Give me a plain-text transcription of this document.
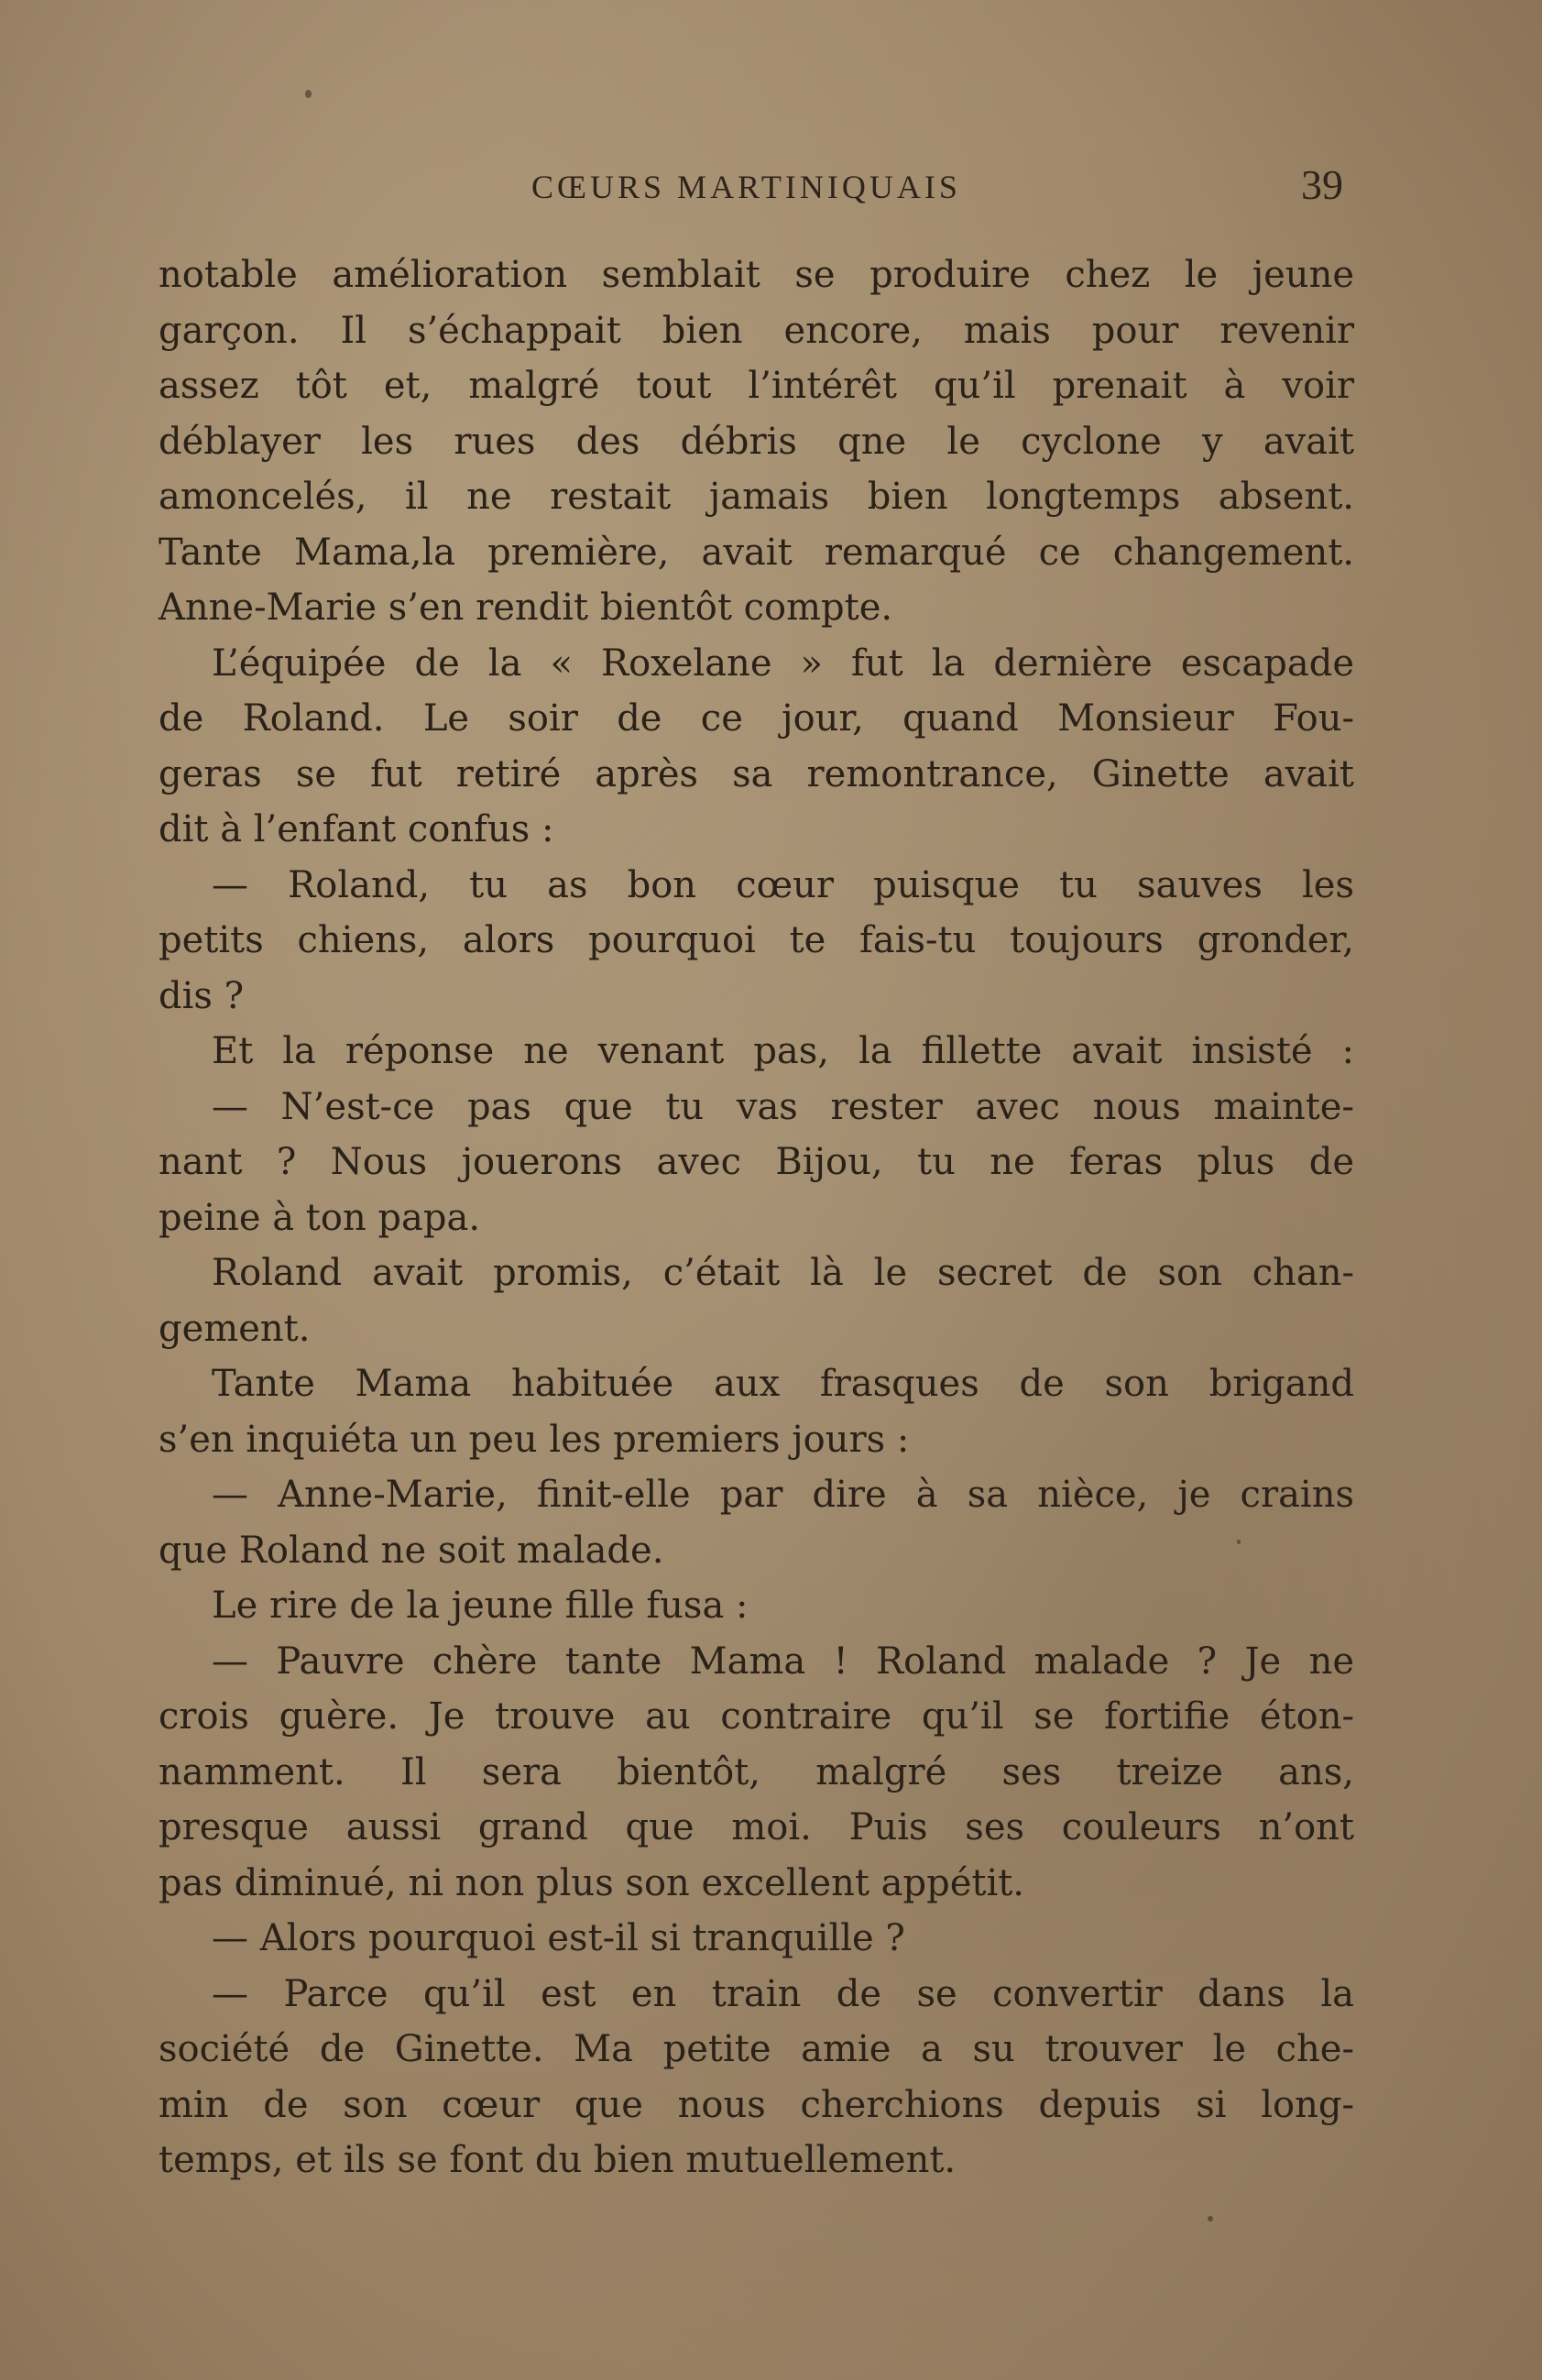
CŒURS MARTINIQUAIS	39
notable amélioration semblait se produire chez le jeune
garçon. Il s’échappait bien encore, mais pour revenir
assez tôt et, malgré tout l’intérêt qu’il prenait à voir
déblayer les rues des débris qne le cyclone y avait
amoncelés, il ne restait jamais bien longtemps absent.
Tante Mama,la première, avait remarqué ce changement.
Anne-Marie s’en rendit bientôt compte.
L’équipée de la « Roxelane » fut la dernière escapade
de Roland. Le soir de ce jour, quand Monsieur Fou-
geras se fut retiré après sa remontrance, Ginette avait
dit à l’enfant confus :
— Roland, tu as bon cœur puisque tu sauves les
petits chiens, alors pourquoi te fais-tu toujours gronder,
dis ?
Et la réponse ne venant pas, la fillette avait insisté :
— N’est-ce pas que tu vas rester avec nous mainte-
nant ? Nous jouerons avec Bijou, tu ne feras plus de
peine à ton papa.
Roland avait promis, c’était là le secret de son chan-
gement.
Tante Mama habituée aux frasques de son brigand
s’en inquiéta un peu les premiers jours :
— Anne-Marie, finit-elle par dire à sa nièce, je crains
que Roland ne soit malade.
Le rire de la jeune fille fusa :
— Pauvre chère tante Mama ! Roland malade ? Je ne
crois guère. Je trouve au contraire qu’il se fortifie éton-
namment. Il sera bientôt, malgré ses treize ans,
presque aussi grand que moi. Puis ses couleurs n’ont
pas diminué, ni non plus son excellent appétit.
— Alors pourquoi est-il si tranquille ?
— Parce qu’il est en train de se convertir dans la
société de Ginette. Ma petite amie a su trouver le che-
min de son cœur que nous cherchions depuis si long-
temps, et ils se font du bien mutuellement.
